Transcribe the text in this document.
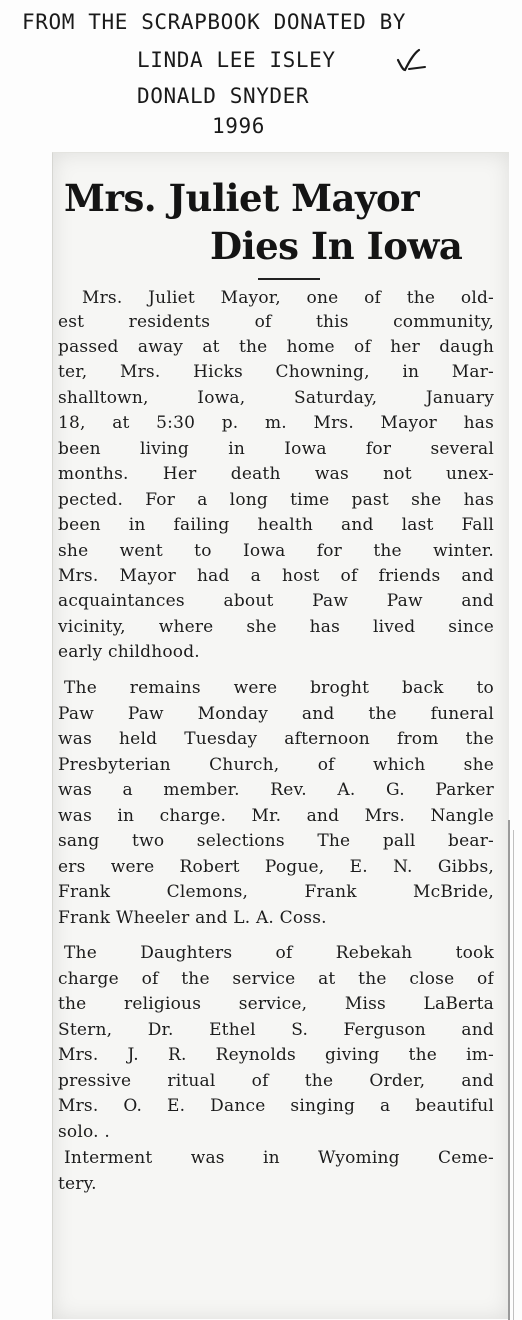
FROM THE SCRAPBOOK DONATED BY
LINDA LEE ISLEY
DONALD SNYDER
1996
Mrs. Juliet Mayor
Dies In Iowa
Mrs. Juliet Mayor, one of the old-
est residents of this community,
passed away at the home of her daugh
ter, Mrs. Hicks Chowning, in Mar-
shalltown, Iowa, Saturday, January
18, at 5:30 p. m. Mrs. Mayor has
been living in Iowa for several
months. Her death was not unex-
pected. For a long time past she has
been in failing health and last Fall
she went to Iowa for the winter.
Mrs. Mayor had a host of friends and
acquaintances about Paw Paw and
vicinity, where she has lived since
early childhood.
The remains were broght back to
Paw Paw Monday and the funeral
was held Tuesday afternoon from the
Presbyterian Church, of which she
was a member. Rev. A. G. Parker
was in charge. Mr. and Mrs. Nangle
sang two selections The pall bear-
ers were Robert Pogue, E. N. Gibbs,
Frank Clemons, Frank McBride,
Frank Wheeler and L. A. Coss.
The Daughters of Rebekah took
charge of the service at the close of
the religious service, Miss LaBerta
Stern, Dr. Ethel S. Ferguson and
Mrs. J. R. Reynolds giving the im-
pressive ritual of the Order, and
Mrs. O. E. Dance singing a beautiful
solo. .
Interment was in Wyoming Ceme-
tery.
